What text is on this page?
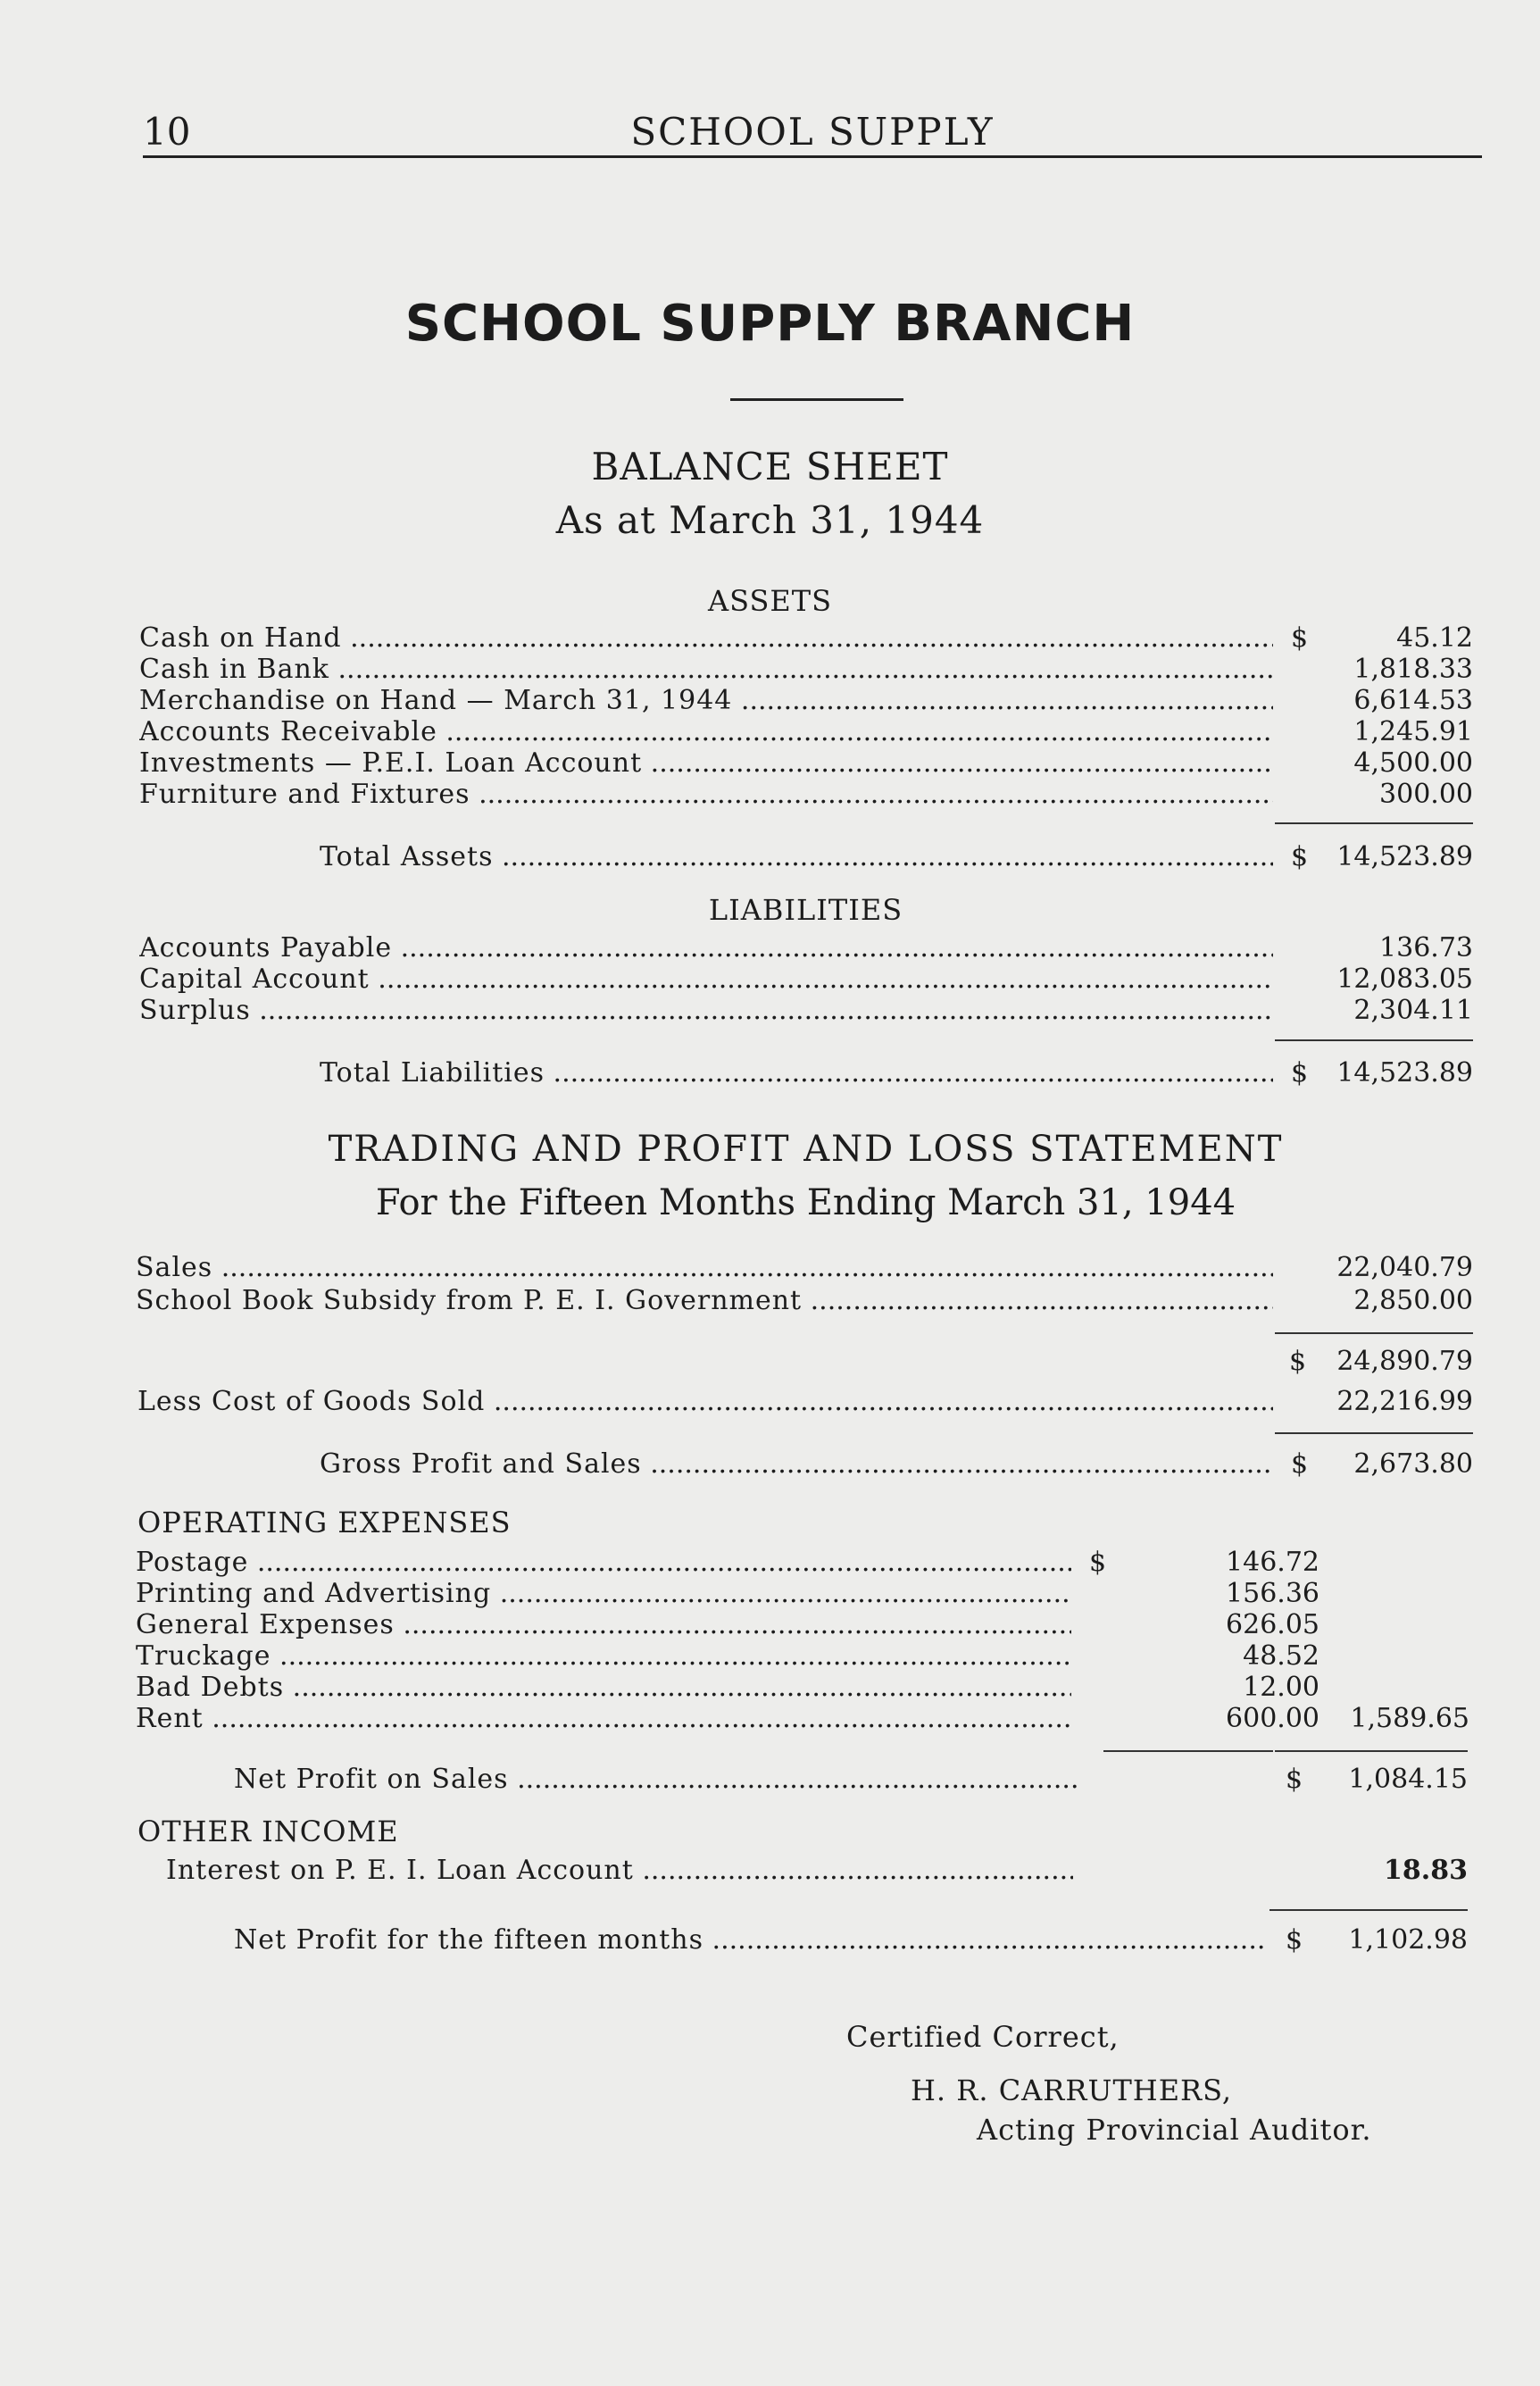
10	SCHOOL SUPPLY
SCHOOL SUPPLY BRANCH
BALANCE SHEET
As at March 31, 1944
ASSETS
Cash on Hand .....	$	45.12
Cash in Bank .....	1,818.33
Merchandise on Hand — March 31, 1944 .....	6,614.53
Accounts Receivable .....	1,245.91
Investments — P.E.I. Loan Account .....	4,500.00
Furniture and Fixtures .....	300.00
Total Assets .....	$	14,523.89
LIABILITIES
Accounts Payable .....	136.73
Capital Account .....	12,083.05
Surplus .....	2,304.11
Total Liabilities .....	$	14,523.89
TRADING AND PROFIT AND LOSS STATEMENT
For the Fifteen Months Ending March 31, 1944
Sales .....	22,040.79
School Book Subsidy from P. E. I. Government .....	2,850.00
$	24,890.79
Less Cost of Goods Sold .....	22,216.99
Gross Profit and Sales .....	$	2,673.80
OPERATING EXPENSES
Postage .....	$	146.72
Printing and Advertising .....	156.36
General Expenses .....	626.05
Truckage .....	48.52
Bad Debts .....	12.00
Rent .....	600.00	1,589.65
Net Profit on Sales .....	$	1,084.15
OTHER INCOME
Interest on P. E. I. Loan Account .....	18.83
Net Profit for the fifteen months .....	$	1,102.98
Certified Correct,
H. R. CARRUTHERS,
Acting Provincial Auditor.
